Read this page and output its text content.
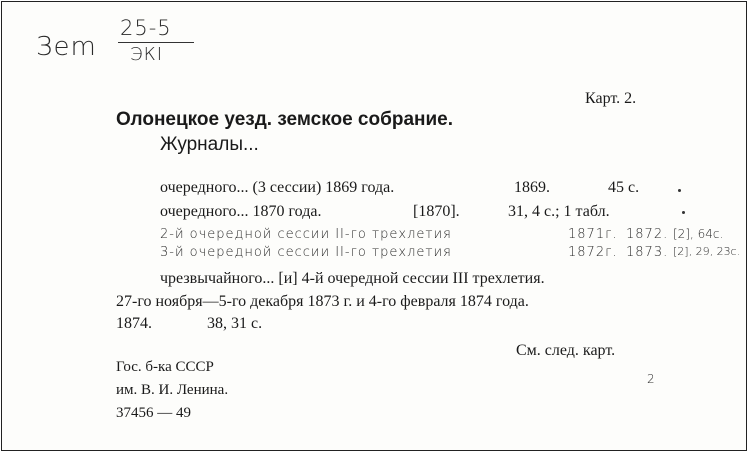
Зem
25-5
ЭКІ
Карт. 2.
Олонецкое уезд. земское собрание.
Журналы...
очередного... (3 сессии) 1869 года.	1869.	45 с.
очередного... 1870 года.	[1870].	31, 4 с.; 1 табл.
2-й очередной сессии ІІ-го трехлетия	1871г. 1872. [2], 64с.
3-й очередной сессии ІІ-го трехлетия	1872г. 1873. [2], 29, 23с.
чрезвычайного... [и] 4-й очередной сессии III трехлетия.
27-го ноября—5-го декабря 1873 г. и 4-го февраля 1874 года.
1874.	38, 31 с.
См. след. карт.
Гос. б-ка СССР
им. В. И. Ленина.
37456 — 49
2
